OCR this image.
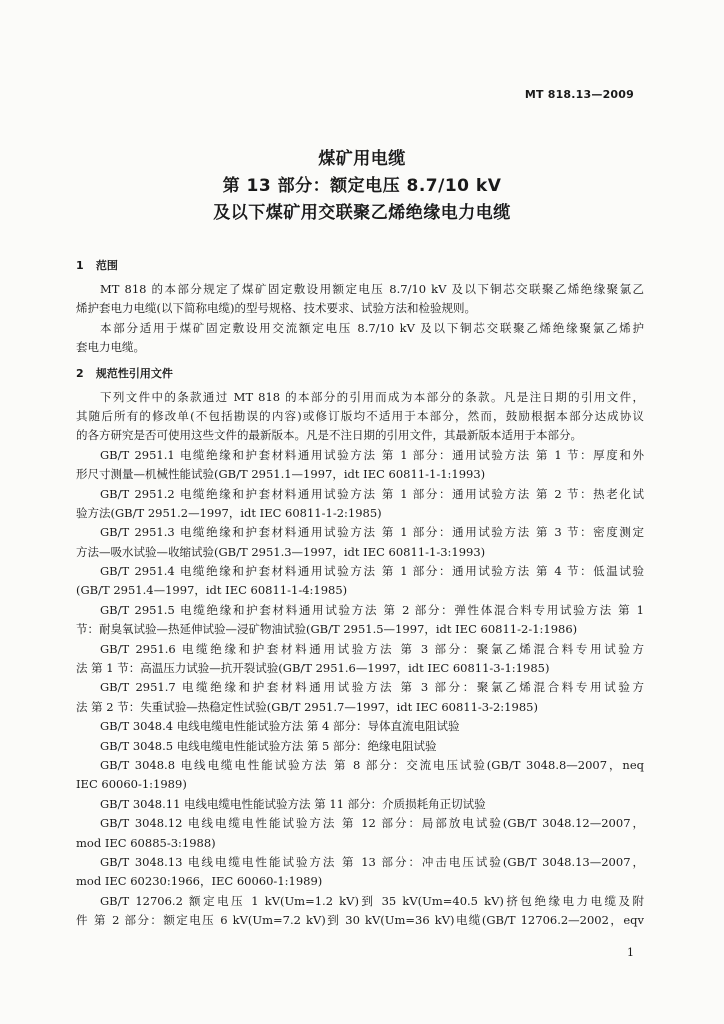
MT 818.13—2009
煤矿用电缆
第 13 部分：额定电压 8.7/10 kV
及以下煤矿用交联聚乙烯绝缘电力电缆
1 范围
MT 818 的本部分规定了煤矿固定敷设用额定电压 8.7/10 kV 及以下铜芯交联聚乙烯绝缘聚氯乙
烯护套电力电缆(以下简称电缆)的型号规格、技术要求、试验方法和检验规则。
本部分适用于煤矿固定敷设用交流额定电压 8.7/10 kV 及以下铜芯交联聚乙烯绝缘聚氯乙烯护
套电力电缆。
2 规范性引用文件
下列文件中的条款通过 MT 818 的本部分的引用而成为本部分的条款。凡是注日期的引用文件，
其随后所有的修改单(不包括勘误的内容)或修订版均不适用于本部分，然而，鼓励根据本部分达成协议
的各方研究是否可使用这些文件的最新版本。凡是不注日期的引用文件，其最新版本适用于本部分。
GB/T 2951.1 电缆绝缘和护套材料通用试验方法 第 1 部分：通用试验方法 第 1 节：厚度和外
形尺寸测量—机械性能试验(GB/T 2951.1—1997，idt IEC 60811-1-1:1993)
GB/T 2951.2 电缆绝缘和护套材料通用试验方法 第 1 部分：通用试验方法 第 2 节：热老化试
验方法(GB/T 2951.2—1997，idt IEC 60811-1-2:1985)
GB/T 2951.3 电缆绝缘和护套材料通用试验方法 第 1 部分：通用试验方法 第 3 节：密度测定
方法—吸水试验—收缩试验(GB/T 2951.3—1997，idt IEC 60811-1-3:1993)
GB/T 2951.4 电缆绝缘和护套材料通用试验方法 第 1 部分：通用试验方法 第 4 节：低温试验
(GB/T 2951.4—1997，idt IEC 60811-1-4:1985)
GB/T 2951.5 电缆绝缘和护套材料通用试验方法 第 2 部分：弹性体混合料专用试验方法 第 1
节：耐臭氧试验—热延伸试验—浸矿物油试验(GB/T 2951.5—1997，idt IEC 60811-2-1:1986)
GB/T 2951.6 电缆绝缘和护套材料通用试验方法 第 3 部分：聚氯乙烯混合料专用试验方
法 第 1 节：高温压力试验—抗开裂试验(GB/T 2951.6—1997，idt IEC 60811-3-1:1985)
GB/T 2951.7 电缆绝缘和护套材料通用试验方法 第 3 部分：聚氯乙烯混合料专用试验方
法 第 2 节：失重试验—热稳定性试验(GB/T 2951.7—1997，idt IEC 60811-3-2:1985)
GB/T 3048.4 电线电缆电性能试验方法 第 4 部分：导体直流电阻试验
GB/T 3048.5 电线电缆电性能试验方法 第 5 部分：绝缘电阻试验
GB/T 3048.8 电线电缆电性能试验方法 第 8 部分：交流电压试验(GB/T 3048.8—2007，neq
IEC 60060-1:1989)
GB/T 3048.11 电线电缆电性能试验方法 第 11 部分：介质损耗角正切试验
GB/T 3048.12 电线电缆电性能试验方法 第 12 部分：局部放电试验(GB/T 3048.12—2007，
mod IEC 60885-3:1988)
GB/T 3048.13 电线电缆电性能试验方法 第 13 部分：冲击电压试验(GB/T 3048.13—2007，
mod IEC 60230:1966，IEC 60060-1:1989)
GB/T 12706.2 额定电压 1 kV(Um=1.2 kV)到 35 kV(Um=40.5 kV)挤包绝缘电力电缆及附
件 第 2 部分：额定电压 6 kV(Um=7.2 kV)到 30 kV(Um=36 kV)电缆(GB/T 12706.2—2002，eqv
1
